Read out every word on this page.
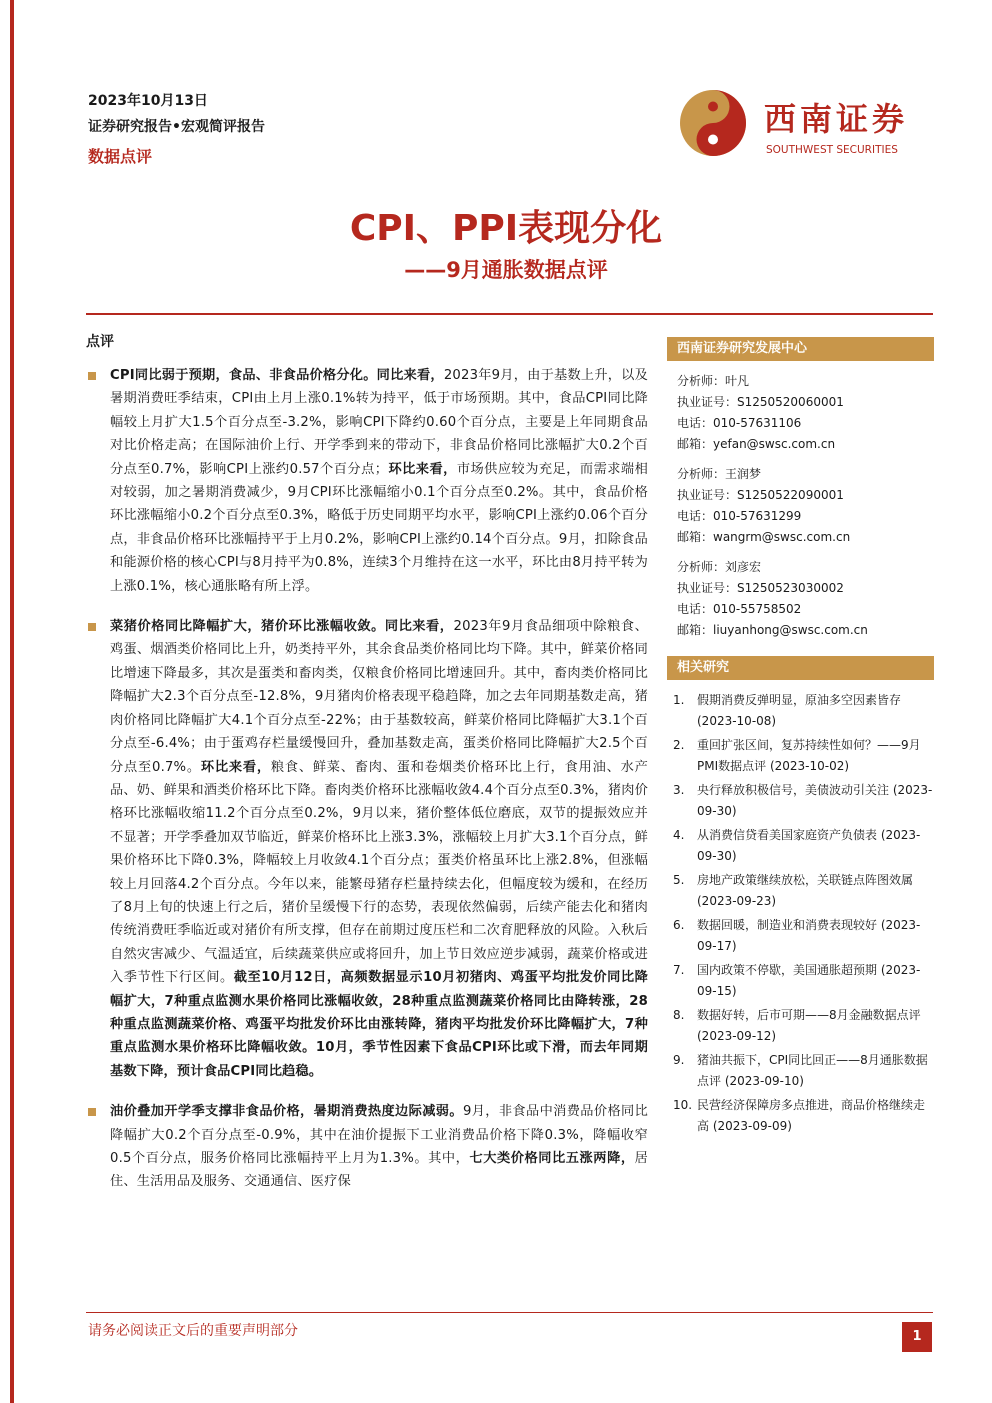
2023年10月13日
证券研究报告•宏观简评报告
数据点评
西南证券
SOUTHWEST SECURITIES
CPI、PPI表现分化
——9月通胀数据点评
点评
CPI同比弱于预期，食品、非食品价格分化。同比来看，2023年9月，由于基数上升，以及暑期消费旺季结束，CPI由上月上涨0.1%转为持平，低于市场预期。其中，食品CPI同比降幅较上月扩大1.5个百分点至-3.2%，影响CPI下降约0.60个百分点，主要是上年同期食品对比价格走高；在国际油价上行、开学季到来的带动下，非食品价格同比涨幅扩大0.2个百分点至0.7%，影响CPI上涨约0.57个百分点；环比来看，市场供应较为充足，而需求端相对较弱，加之暑期消费减少，9月CPI环比涨幅缩小0.1个百分点至0.2%。其中，食品价格环比涨幅缩小0.2个百分点至0.3%，略低于历史同期平均水平，影响CPI上涨约0.06个百分点，非食品价格环比涨幅持平于上月0.2%，影响CPI上涨约0.14个百分点。9月，扣除食品和能源价格的核心CPI与8月持平为0.8%，连续3个月维持在这一水平，环比由8月持平转为上涨0.1%，核心通胀略有所上浮。
菜猪价格同比降幅扩大，猪价环比涨幅收敛。同比来看，2023年9月食品细项中除粮食、鸡蛋、烟酒类价格同比上升，奶类持平外，其余食品类价格同比均下降。其中，鲜菜价格同比增速下降最多，其次是蛋类和畜肉类，仅粮食价格同比增速回升。其中，畜肉类价格同比降幅扩大2.3个百分点至-12.8%，9月猪肉价格表现平稳趋降，加之去年同期基数走高，猪肉价格同比降幅扩大4.1个百分点至-22%；由于基数较高，鲜菜价格同比降幅扩大3.1个百分点至-6.4%；由于蛋鸡存栏量缓慢回升，叠加基数走高，蛋类价格同比降幅扩大2.5个百分点至0.7%。环比来看，粮食、鲜菜、畜肉、蛋和卷烟类价格环比上行，食用油、水产品、奶、鲜果和酒类价格环比下降。畜肉类价格环比涨幅收敛4.4个百分点至0.3%，猪肉价格环比涨幅收缩11.2个百分点至0.2%，9月以来，猪价整体低位磨底，双节的提振效应并不显著；开学季叠加双节临近，鲜菜价格环比上涨3.3%，涨幅较上月扩大3.1个百分点，鲜果价格环比下降0.3%，降幅较上月收敛4.1个百分点；蛋类价格虽环比上涨2.8%，但涨幅较上月回落4.2个百分点。今年以来，能繁母猪存栏量持续去化，但幅度较为缓和，在经历了8月上旬的快速上行之后，猪价呈缓慢下行的态势，表现依然偏弱，后续产能去化和猪肉传统消费旺季临近或对猪价有所支撑，但存在前期过度压栏和二次育肥释放的风险。入秋后自然灾害减少、气温适宜，后续蔬菜供应或将回升，加上节日效应逆步减弱，蔬菜价格或进入季节性下行区间。截至10月12日，高频数据显示10月初猪肉、鸡蛋平均批发价同比降幅扩大，7种重点监测水果价格同比涨幅收敛，28种重点监测蔬菜价格同比由降转涨，28种重点监测蔬菜价格、鸡蛋平均批发价环比由涨转降，猪肉平均批发价环比降幅扩大，7种重点监测水果价格环比降幅收敛。10月，季节性因素下食品CPI环比或下滑，而去年同期基数下降，预计食品CPI同比趋稳。
油价叠加开学季支撑非食品价格，暑期消费热度边际减弱。9月，非食品中消费品价格同比降幅扩大0.2个百分点至-0.9%，其中在油价提振下工业消费品价格下降0.3%，降幅收窄0.5个百分点，服务价格同比涨幅持平上月为1.3%。其中，七大类价格同比五涨两降，居住、生活用品及服务、交通通信、医疗保
西南证券研究发展中心
分析师：叶凡
执业证号：S1250520060001
电话：010-57631106
邮箱：yefan@swsc.com.cn
分析师：王润梦
执业证号：S1250522090001
电话：010-57631299
邮箱：wangrm@swsc.com.cn
分析师：刘彦宏
执业证号：S1250523030002
电话：010-55758502
邮箱：liuyanhong@swsc.com.cn
相关研究
1.	假期消费反弹明显，原油多空因素皆存 (2023-10-08)
2.	重回扩张区间，复苏持续性如何？——9月PMI数据点评 (2023-10-02)
3.	央行释放积极信号，美债波动引关注 (2023-09-30)
4.	从消费信贷看美国家庭资产负债表 (2023-09-30)
5.	房地产政策继续放松，关联链点阵图效属 (2023-09-23)
6.	数据回暖，制造业和消费表现较好 (2023-09-17)
7.	国内政策不停歇，美国通胀超预期 (2023-09-15)
8.	数据好转，后市可期——8月金融数据点评 (2023-09-12)
9.	猪油共振下，CPI同比回正——8月通胀数据点评 (2023-09-10)
10. 民营经济保障房多点推进，商品价格继续走高 (2023-09-09)
请务必阅读正文后的重要声明部分	1
